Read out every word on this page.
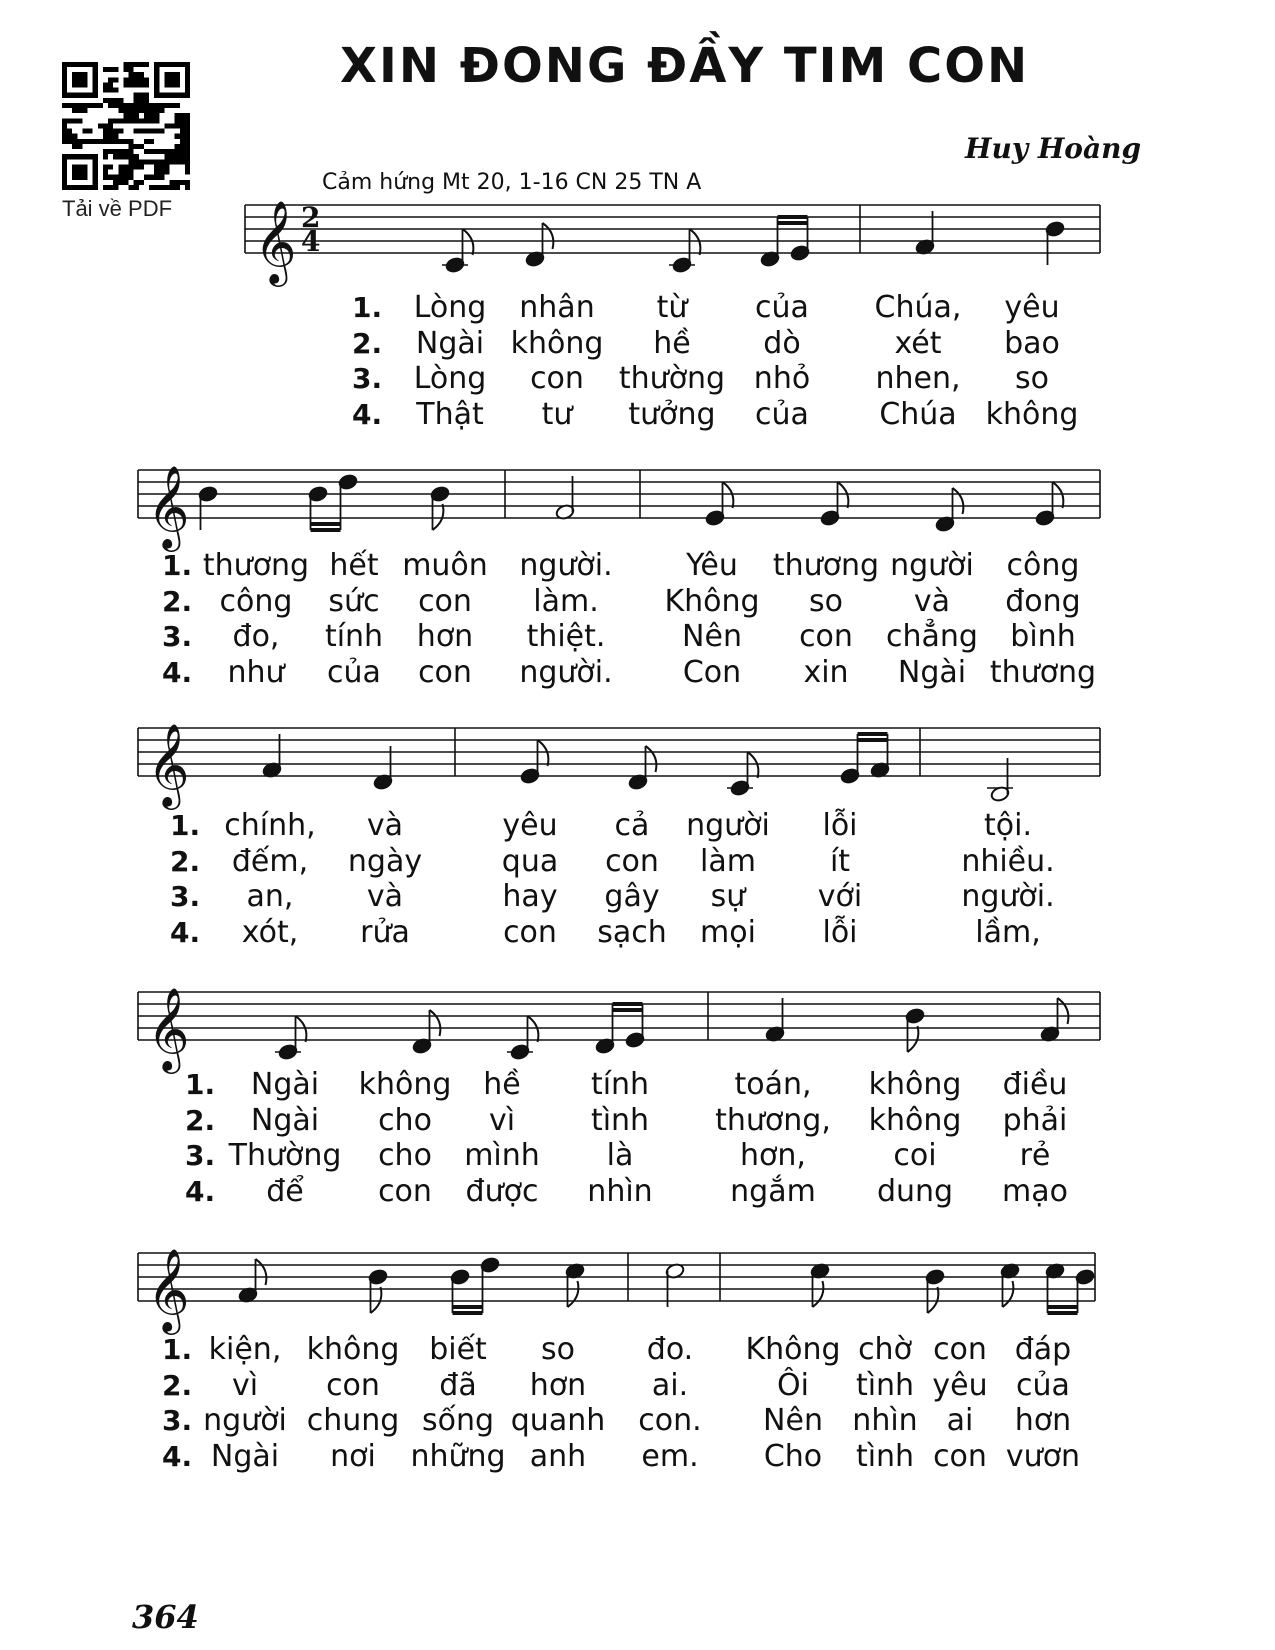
Tải về PDF
XIN ĐONG ĐẦY TIM CON
Huy Hoàng
Cảm hứng Mt 20, 1-16 CN 25 TN A
𝄞 2
4
𝄞
𝄞
𝄞
𝄞
1. Lòng nhân từ của Chúa, yêu
2. Ngài không hề dò	xét bao
3. Lòng con thường nhỏ nhen, so
4. Thật tư tưởng của Chúa không
1. thương hết muôn người. Yêu thương người công
2. công sức con làm. Không so và đong
3. đo, tính hơn thiệt.	Nên con chẳng bình
4. như của con người. Con xin Ngài thương
1. chính, và	yêu cả người lỗi	tội.
2. đếm, ngày	qua con làm ít	nhiều.
3. an, và	hay gây sự với	người.
4. xót, rửa	con sạch mọi lỗi	lầm,
1. Ngài không hề tính	toán, không điều
2. Ngài cho vì	tình thương, không phải
3. Thường cho mình là	hơn,	coi	rẻ
4. để con được nhìn	ngắm dung mạo
1. kiện, không biết so đo. Không chờ con đáp
2. vì con đã hơn ai.	Ôi tình yêu của
3. người chung sống quanh con. Nên nhìn ai hơn
4. Ngài nơi những anh em. Cho tình con vươn
364
